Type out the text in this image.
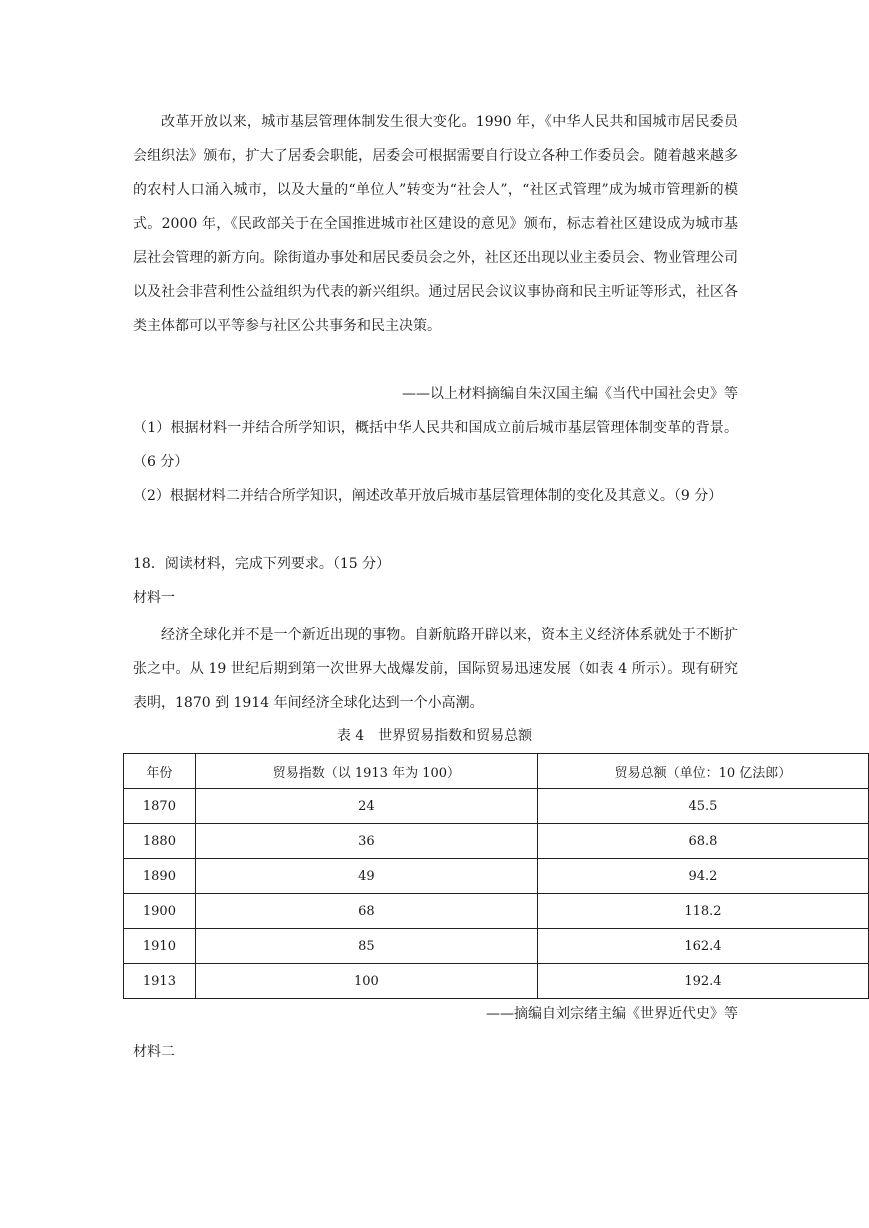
改革开放以来，城市基层管理体制发生很大变化。1990 年，《中华人民共和国城市居民委员会组织法》颁布，扩大了居委会职能，居委会可根据需要自行设立各种工作委员会。随着越来越多的农村人口涌入城市，以及大量的“单位人”转变为“社会人”，“社区式管理”成为城市管理新的模式。2000 年，《民政部关于在全国推进城市社区建设的意见》颁布，标志着社区建设成为城市基层社会管理的新方向。除街道办事处和居民委员会之外，社区还出现以业主委员会、物业管理公司以及社会非营利性公益组织为代表的新兴组织。通过居民会议议事协商和民主听证等形式，社区各类主体都可以平等参与社区公共事务和民主决策。

——以上材料摘编自朱汉国主编《当代中国社会史》等

（1）根据材料一并结合所学知识，概括中华人民共和国成立前后城市基层管理体制变革的背景。（6 分）

（2）根据材料二并结合所学知识，阐述改革开放后城市基层管理体制的变化及其意义。（9 分）

18．阅读材料，完成下列要求。（15 分）

材料一

经济全球化并不是一个新近出现的事物。自新航路开辟以来，资本主义经济体系就处于不断扩张之中。从 19 世纪后期到第一次世界大战爆发前，国际贸易迅速发展（如表 4 所示）。现有研究表明，1870 到 1914 年间经济全球化达到一个小高潮。

表 4　世界贸易指数和贸易总额
年份	贸易指数（以 1913 年为 100）	贸易总额（单位：10 亿法郎）
1870	24	45.5
1880	36	68.8
1890	49	94.2
1900	68	118.2
1910	85	162.4
1913	100	192.4
——摘编自刘宗绪主编《世界近代史》等

材料二
